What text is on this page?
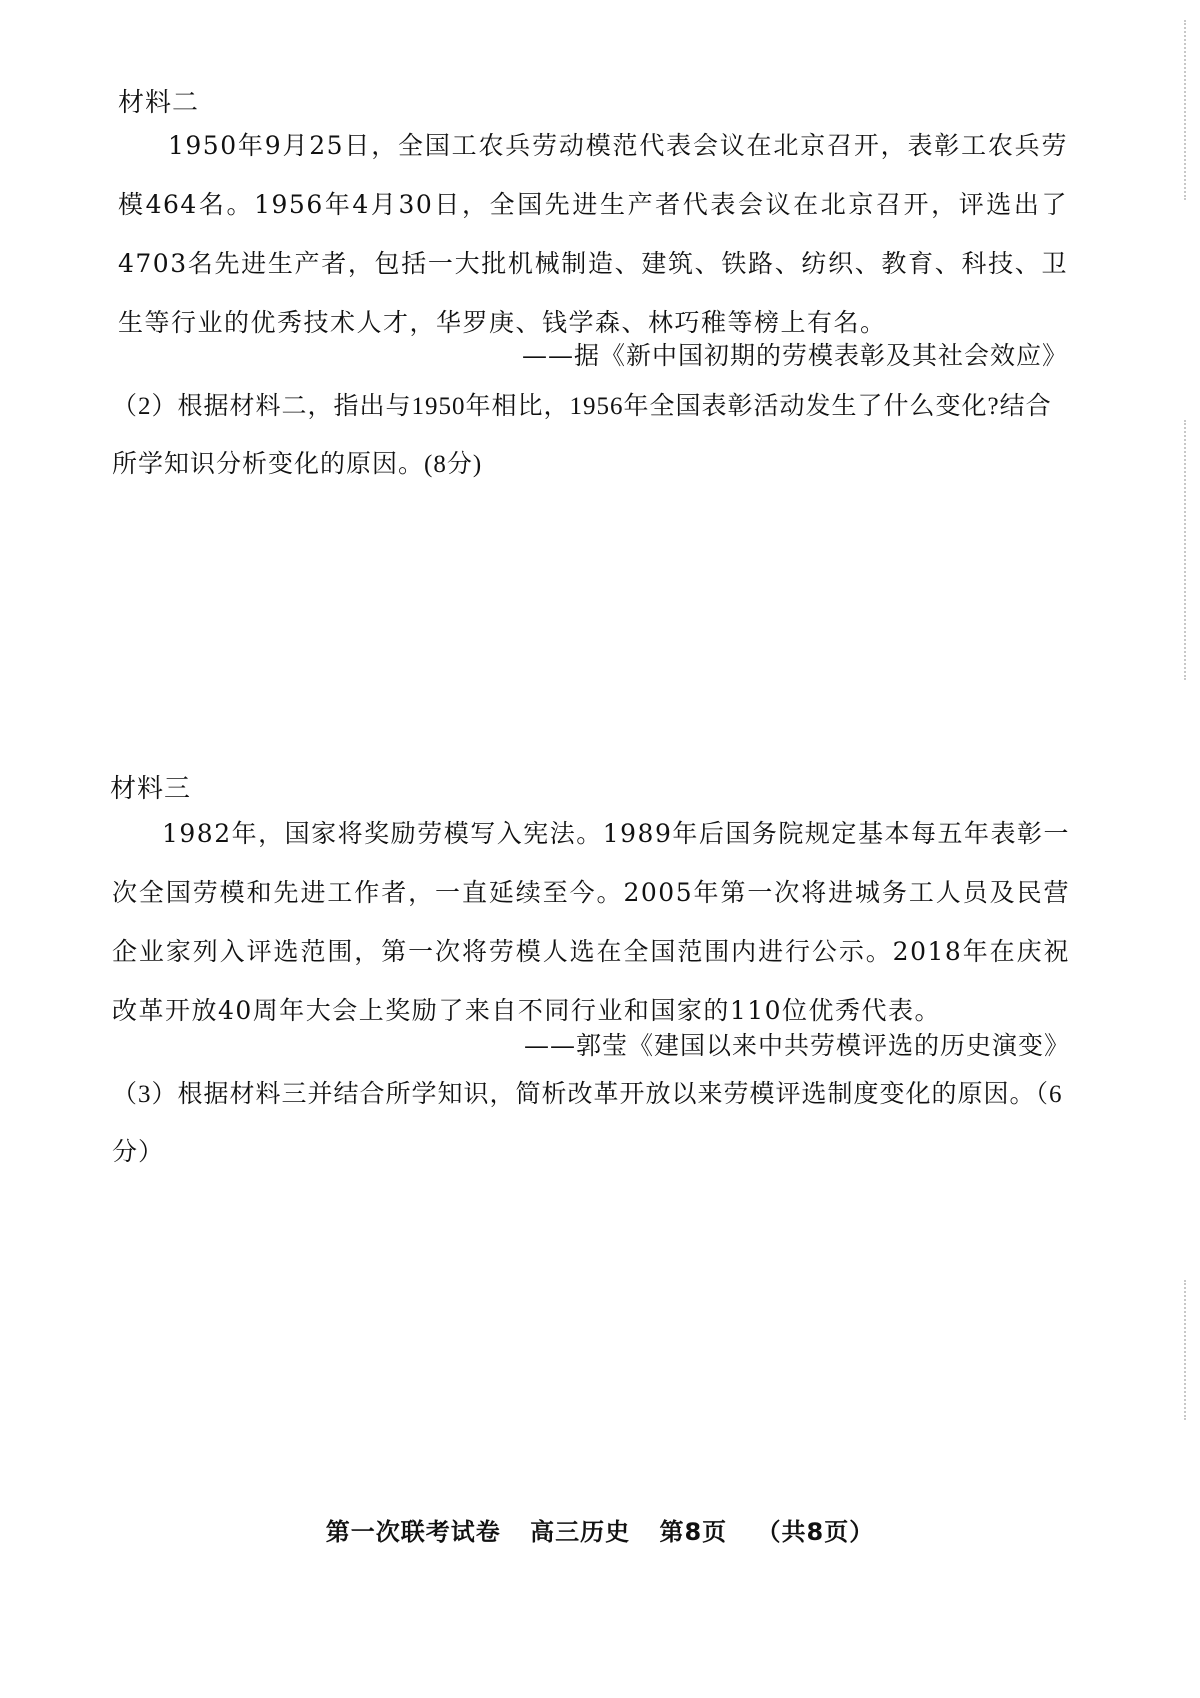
材料二
1950年9月25日，全国工农兵劳动模范代表会议在北京召开，表彰工农兵劳模464名。1956年4月30日，全国先进生产者代表会议在北京召开，评选出了4703名先进生产者，包括一大批机械制造、建筑、铁路、纺织、教育、科技、卫生等行业的优秀技术人才，华罗庚、钱学森、林巧稚等榜上有名。
——据《新中国初期的劳模表彰及其社会效应》
（2）根据材料二，指出与1950年相比，1956年全国表彰活动发生了什么变化?结合所学知识分析变化的原因。(8分)
材料三
1982年，国家将奖励劳模写入宪法。1989年后国务院规定基本每五年表彰一次全国劳模和先进工作者，一直延续至今。2005年第一次将进城务工人员及民营企业家列入评选范围，第一次将劳模人选在全国范围内进行公示。2018年在庆祝改革开放40周年大会上奖励了来自不同行业和国家的110位优秀代表。
——郭莹《建国以来中共劳模评选的历史演变》
（3）根据材料三并结合所学知识，简析改革开放以来劳模评选制度变化的原因。（6分）
第一次联考试卷 高三历史 第8页 （共8页）
